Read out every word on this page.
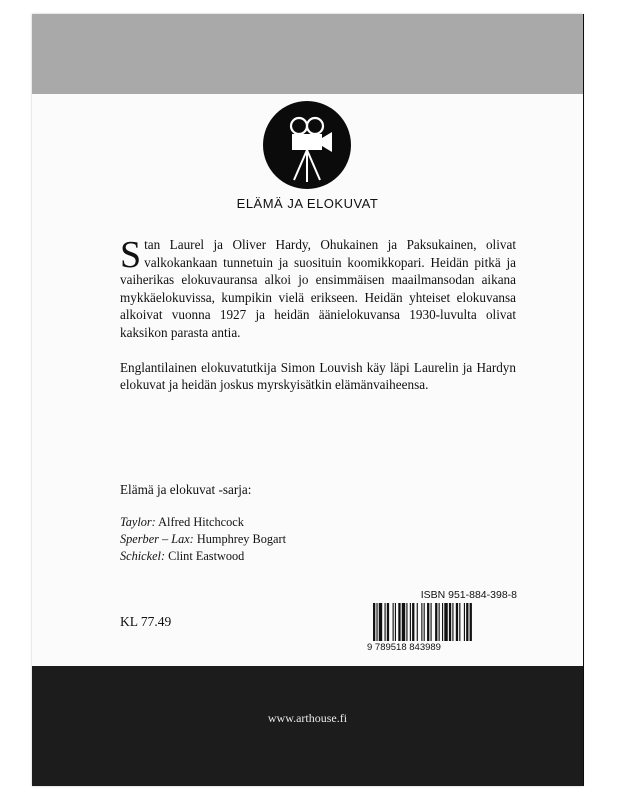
ELÄMÄ JA ELOKUVAT

Stan Laurel ja Oliver Hardy, Ohukainen ja Paksukainen, olivat valkokankaan tunnetuin ja suosituin koomikkopari. Heidän pitkä ja vaiherikas elokuvauransa alkoi jo ensimmäisen maailmansodan aikana mykkäelokuvissa, kumpikin vielä erikseen. Heidän yhteiset elokuvansa alkoivat vuonna 1927 ja heidän äänielokuvansa 1930-luvulta olivat kaksikon parasta antia.

Englantilainen elokuvatutkija Simon Louvish käy läpi Laurelin ja Hardyn elokuvat ja heidän joskus myrskyisätkin elämänvaiheensa.

Elämä ja elokuvat -sarja:
Taylor: Alfred Hitchcock
Sperber – Lax: Humphrey Bogart
Schickel: Clint Eastwood
KL 77.49
ISBN 951-884-398-8
9 789518 843989
www.arthouse.fi
